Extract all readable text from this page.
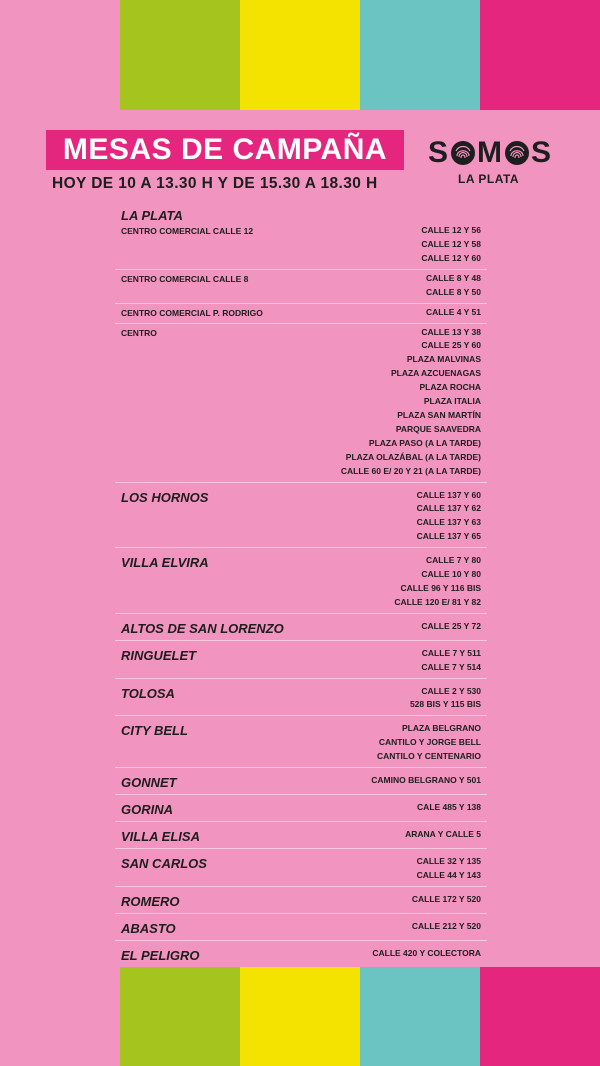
MESAS DE CAMPAÑA
HOY DE 10 A 13.30 H Y DE 15.30 A 18.30 H
S M S
LA PLATA
LA PLATA
CENTRO COMERCIAL CALLE 12	CALLE 12 Y 56
CALLE 12 Y 58
CALLE 12 Y 60
CENTRO COMERCIAL CALLE 8	CALLE 8 Y 48
CALLE 8 Y 50
CENTRO COMERCIAL P. RODRIGO	CALLE 4 Y 51
CENTRO	CALLE 13 Y 38
CALLE 25 Y 60
PLAZA MALVINAS
PLAZA AZCUENAGAS
PLAZA ROCHA
PLAZA ITALIA
PLAZA SAN MARTÍN
PARQUE SAAVEDRA
PLAZA PASO (A LA TARDE)
PLAZA OLAZÁBAL (A LA TARDE)
CALLE 60 E/ 20 Y 21 (A LA TARDE)
LOS HORNOS	CALLE 137 Y 60
CALLE 137 Y 62
CALLE 137 Y 63
CALLE 137 Y 65
VILLA ELVIRA	CALLE 7 Y 80
CALLE 10 Y 80
CALLE 96 Y 116 BIS
CALLE 120 E/ 81 Y 82
ALTOS DE SAN LORENZO	CALLE 25 Y 72
RINGUELET	CALLE 7 Y 511
CALLE 7 Y 514
TOLOSA	CALLE 2 Y 530
528 BIS Y 115 BIS
CITY BELL	PLAZA BELGRANO
CANTILO Y JORGE BELL
CANTILO Y CENTENARIO
GONNET	CAMINO BELGRANO Y 501
GORINA	CALE 485 Y 138
VILLA ELISA	ARANA Y CALLE 5
SAN CARLOS	CALLE 32 Y 135
CALLE 44 Y 143
ROMERO	CALLE 172 Y 520
ABASTO	CALLE 212 Y 520
EL PELIGRO	CALLE 420 Y COLECTORA
